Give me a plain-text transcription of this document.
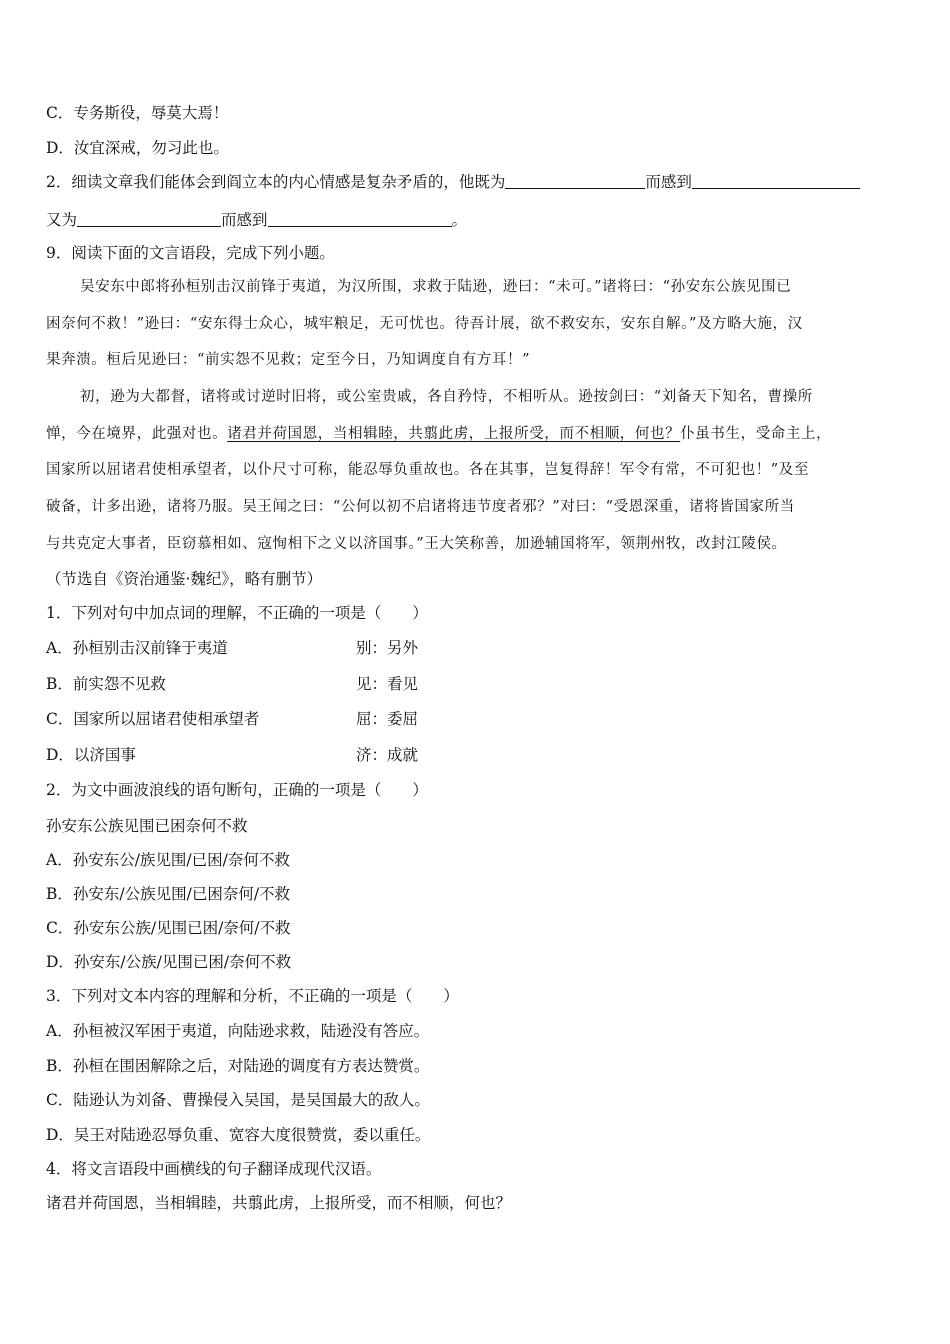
C．专务斯役，辱莫大焉！
D．汝宜深戒，勿习此也。
2．细读文章我们能体会到阎立本的内心情感是复杂矛盾的，他既为	而感到
又为	而感到	。
9．阅读下面的文言语段，完成下列小题。
吴安东中郎将孙桓别击汉前锋于夷道，为汉所围，求救于陆逊，逊曰：“未可。”诸将曰：“孙安东公族见围已
困奈何不救！”逊曰：“安东得士众心，城牢粮足，无可忧也。待吾计展，欲不救安东，安东自解。”及方略大施，汉
果奔溃。桓后见逊曰：“前实怨不见救；定至今日，乃知调度自有方耳！”
初，逊为大都督，诸将或讨逆时旧将，或公室贵戚，各自矜恃，不相听从。逊按剑曰：“刘备天下知名，曹操所
惮，今在境界，此强对也。诸君并荷国恩，当相辑睦，共翦此虏，上报所受，而不相顺，何也？仆虽书生，受命主上，
国家所以屈诸君使相承望者，以仆尺寸可称，能忍辱负重故也。各在其事，岂复得辞！军令有常，不可犯也！”及至
破备，计多出逊，诸将乃服。吴王闻之曰：“公何以初不启诸将违节度者邪？”对曰：“受恩深重，诸将皆国家所当
与共克定大事者，臣窃慕相如、寇恂相下之义以济国事。”王大笑称善，加逊辅国将军，领荆州牧，改封江陵侯。
（节选自《资治通鉴·魏纪》，略有删节）
1．下列对句中加点词的理解，不正确的一项是（　　）
A．孙桓别击汉前锋于夷道	别：另外
B．前实怨不见救	见：看见
C．国家所以屈诸君使相承望者	屈：委屈
D．以济国事	济：成就
2．为文中画波浪线的语句断句，正确的一项是（　　）
孙安东公族见围已困奈何不救
A．孙安东公/族见围/已困/奈何不救
B．孙安东/公族见围/已困奈何/不救
C．孙安东公族/见围已困/奈何/不救
D．孙安东/公族/见围已困/奈何不救
3．下列对文本内容的理解和分析，不正确的一项是（　　）
A．孙桓被汉军困于夷道，向陆逊求救，陆逊没有答应。
B．孙桓在围困解除之后，对陆逊的调度有方表达赞赏。
C．陆逊认为刘备、曹操侵入吴国，是吴国最大的敌人。
D．吴王对陆逊忍辱负重、宽容大度很赞赏，委以重任。
4．将文言语段中画横线的句子翻译成现代汉语。
诸君并荷国恩，当相辑睦，共翦此虏，上报所受，而不相顺，何也？
